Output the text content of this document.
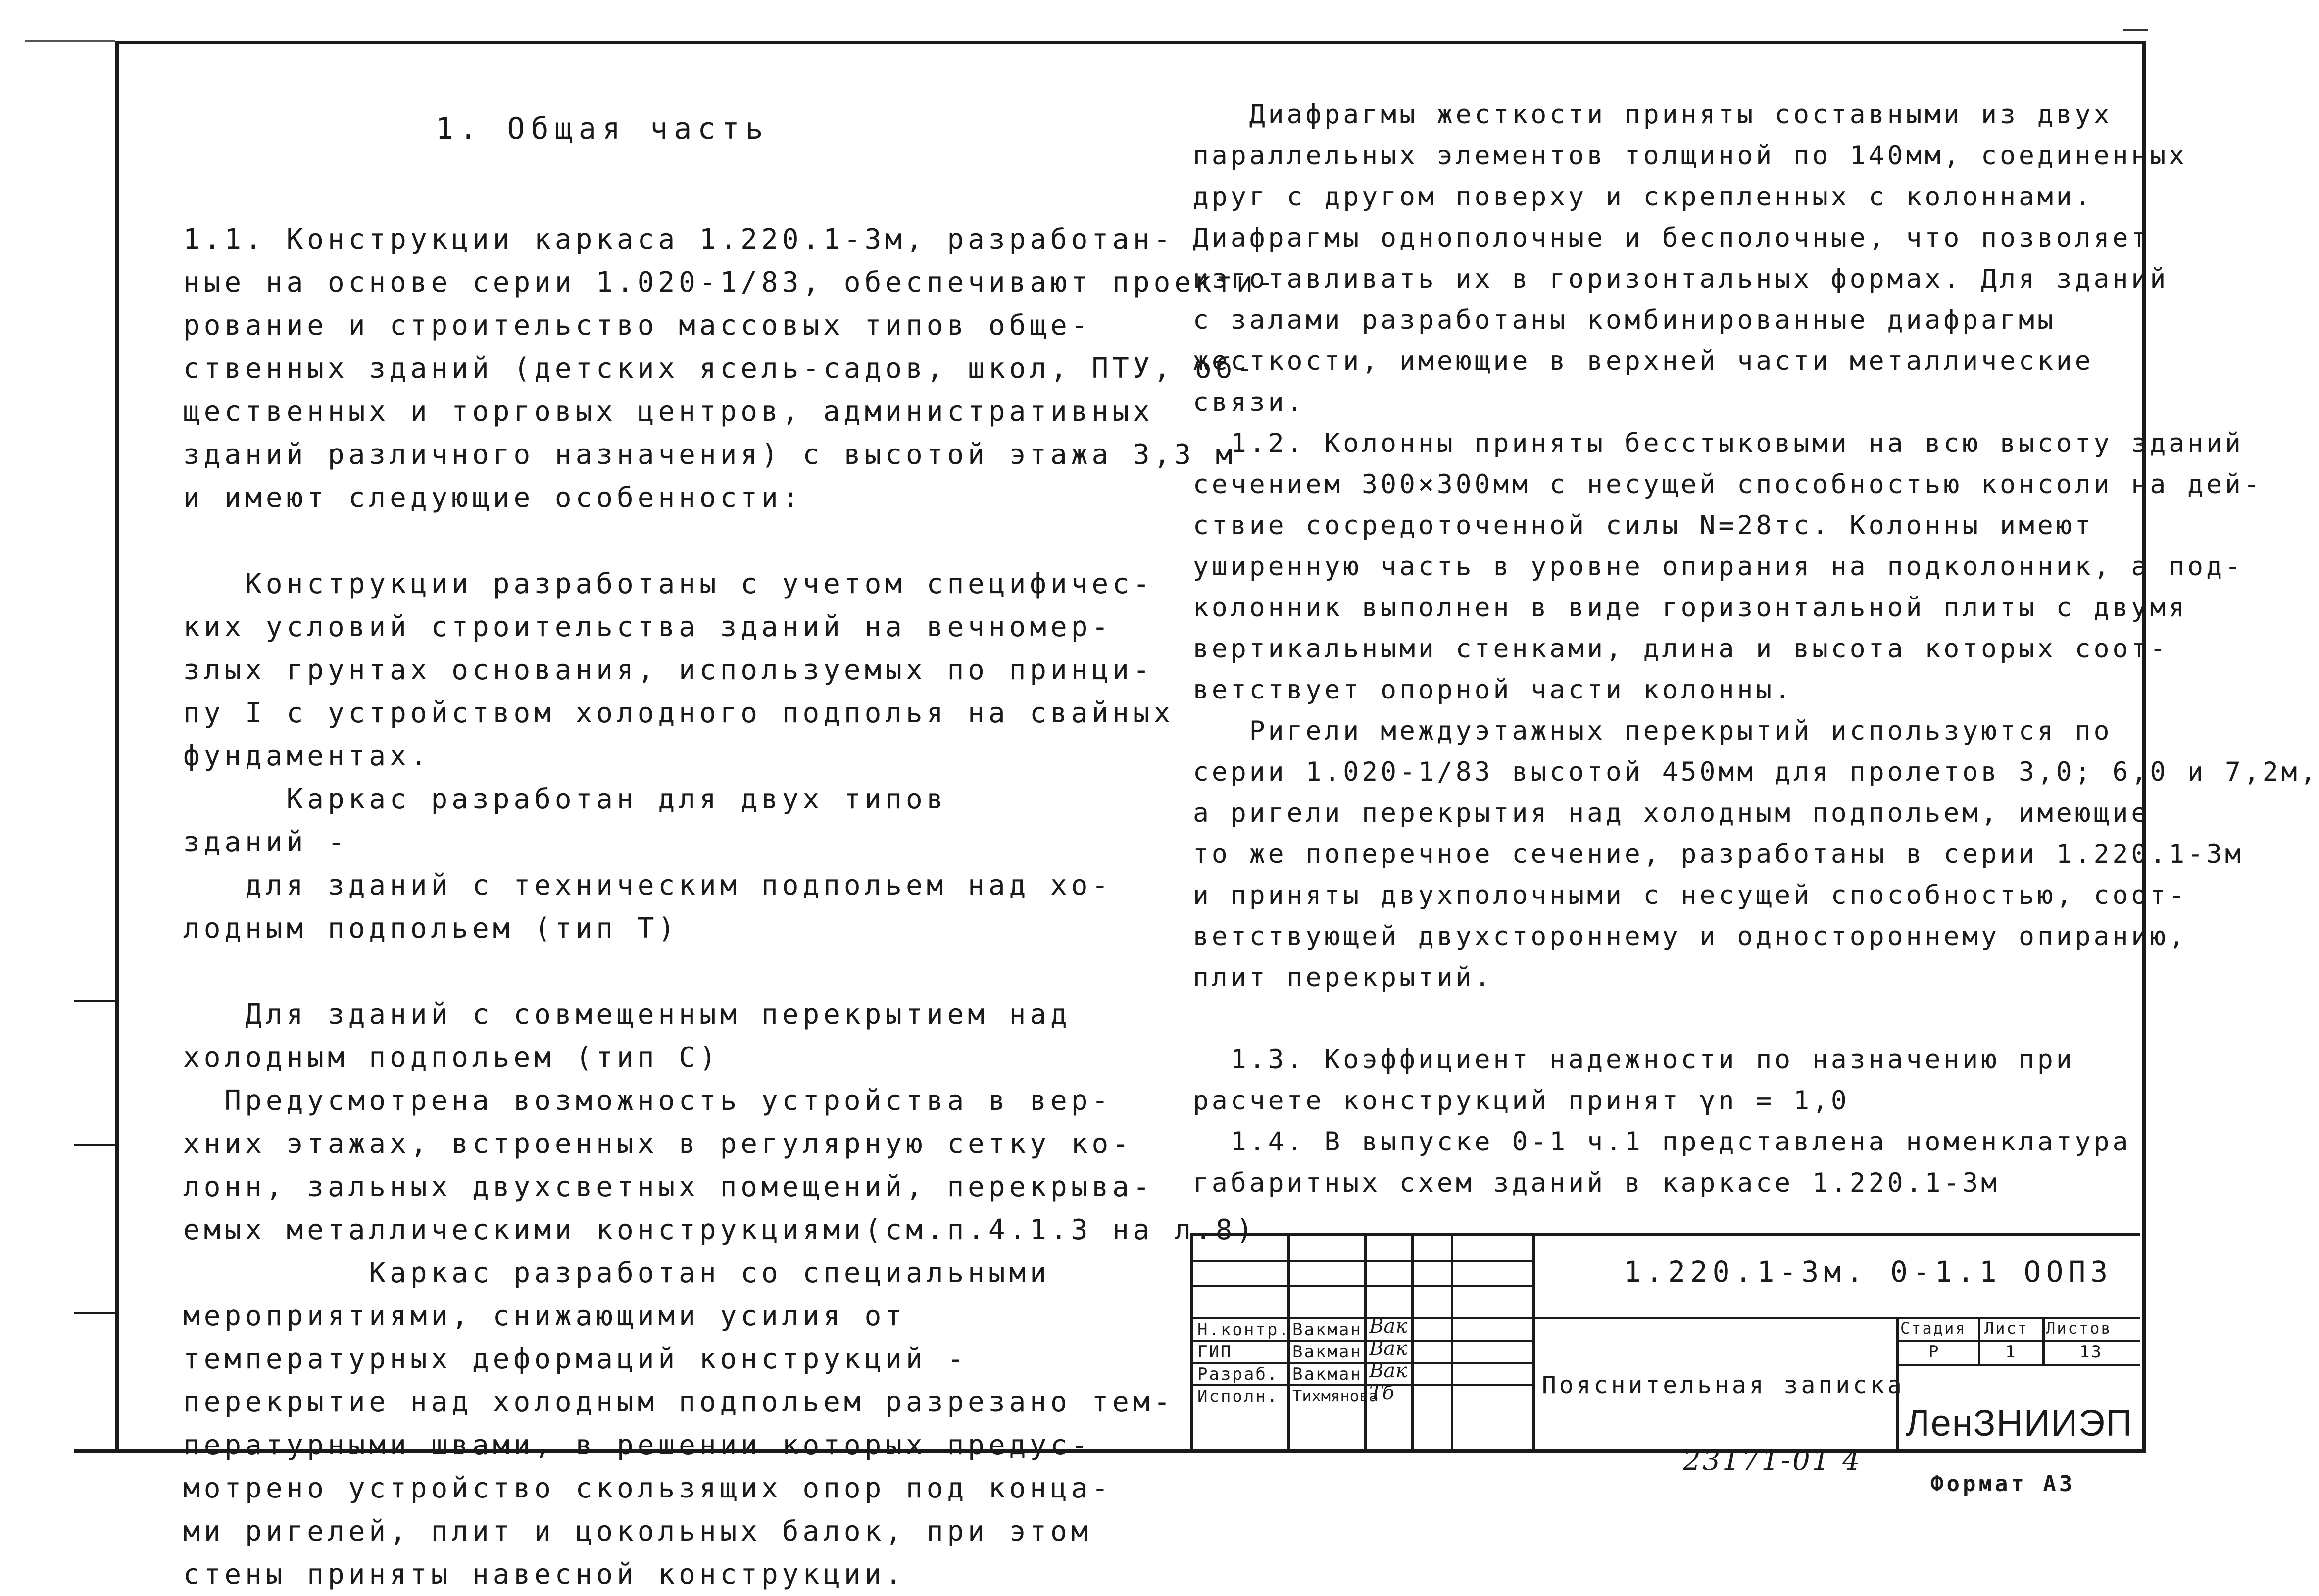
1. Общая часть
1.1. Конструкции каркаса 1.220.1-3м, разработан-
ные на основе серии 1.020-1/83, обеспечивают проекти-
рование и строительство массовых типов обще-
ственных зданий (детских ясель-садов, школ, ПТУ, об-
щественных и торговых центров, административных
зданий различного назначения) с высотой этажа 3,3 м
и имеют следующие особенности:

Конструкции разработаны с учетом специфичес-
ких условий строительства зданий на вечномер-
злых грунтах основания, используемых по принци-
пу I с устройством холодного подполья на свайных
фундаментах.
Каркас разработан для двух типов
зданий -
для зданий с техническим подпольем над хо-
лодным подпольем (тип Т)

Для зданий с совмещенным перекрытием над
холодным подпольем (тип С)
Предусмотрена возможность устройства в вер-
хних этажах, встроенных в регулярную сетку ко-
лонн, зальных двухсветных помещений, перекрыва-
емых металлическими конструкциями(см.п.4.1.3 на л.8)
Каркас разработан со специальными
мероприятиями, снижающими усилия от
температурных деформаций конструкций -
перекрытие над холодным подпольем разрезано тем-
пературными швами, в решении которых предус-
мотрено устройство скользящих опор под конца-
ми ригелей, плит и цокольных балок, при этом
стены приняты навесной конструкции.
Диафрагмы жесткости приняты составными из двух
параллельных элементов толщиной по 140мм, соединенных
друг с другом поверху и скрепленных с колоннами.
Диафрагмы однополочные и бесполочные, что позволяет
изготавливать их в горизонтальных формах. Для зданий
с залами разработаны комбинированные диафрагмы
жесткости, имеющие в верхней части металлические
связи.
1.2. Колонны приняты бесстыковыми на всю высоту зданий
сечением 300×300мм с несущей способностью консоли на дей-
ствие сосредоточенной силы N=28тс. Колонны имеют
уширенную часть в уровне опирания на подколонник, а под-
колонник выполнен в виде горизонтальной плиты с двумя
вертикальными стенками, длина и высота которых соот-
ветствует опорной части колонны.
Ригели междуэтажных перекрытий используются по
серии 1.020-1/83 высотой 450мм для пролетов 3,0; 6,0 и 7,2м,
а ригели перекрытия над холодным подпольем, имеющие
то же поперечное сечение, разработаны в серии 1.220.1-3м
и приняты двухполочными с несущей способностью, соот-
ветствующей двухстороннему и одностороннему опиранию,
плит перекрытий.

1.3. Коэффициент надежности по назначению при
расчете конструкций принят γn = 1,0
1.4. В выпуске 0-1 ч.1 представлена номенклатура
габаритных схем зданий в каркасе 1.220.1-3м
Н.контр.
ГИП
Разраб.
Исполн.
Вакман
Вакман
Вакман
Тихмянова
Вак
Вак
Вак
Тб
Стадия Лист Листов
Р	1	13
1.220.1-3м. 0-1.1 ООПЗ
Пояснительная записка
ЛенЗНИИЭП
23171-01 4
Формат А3
